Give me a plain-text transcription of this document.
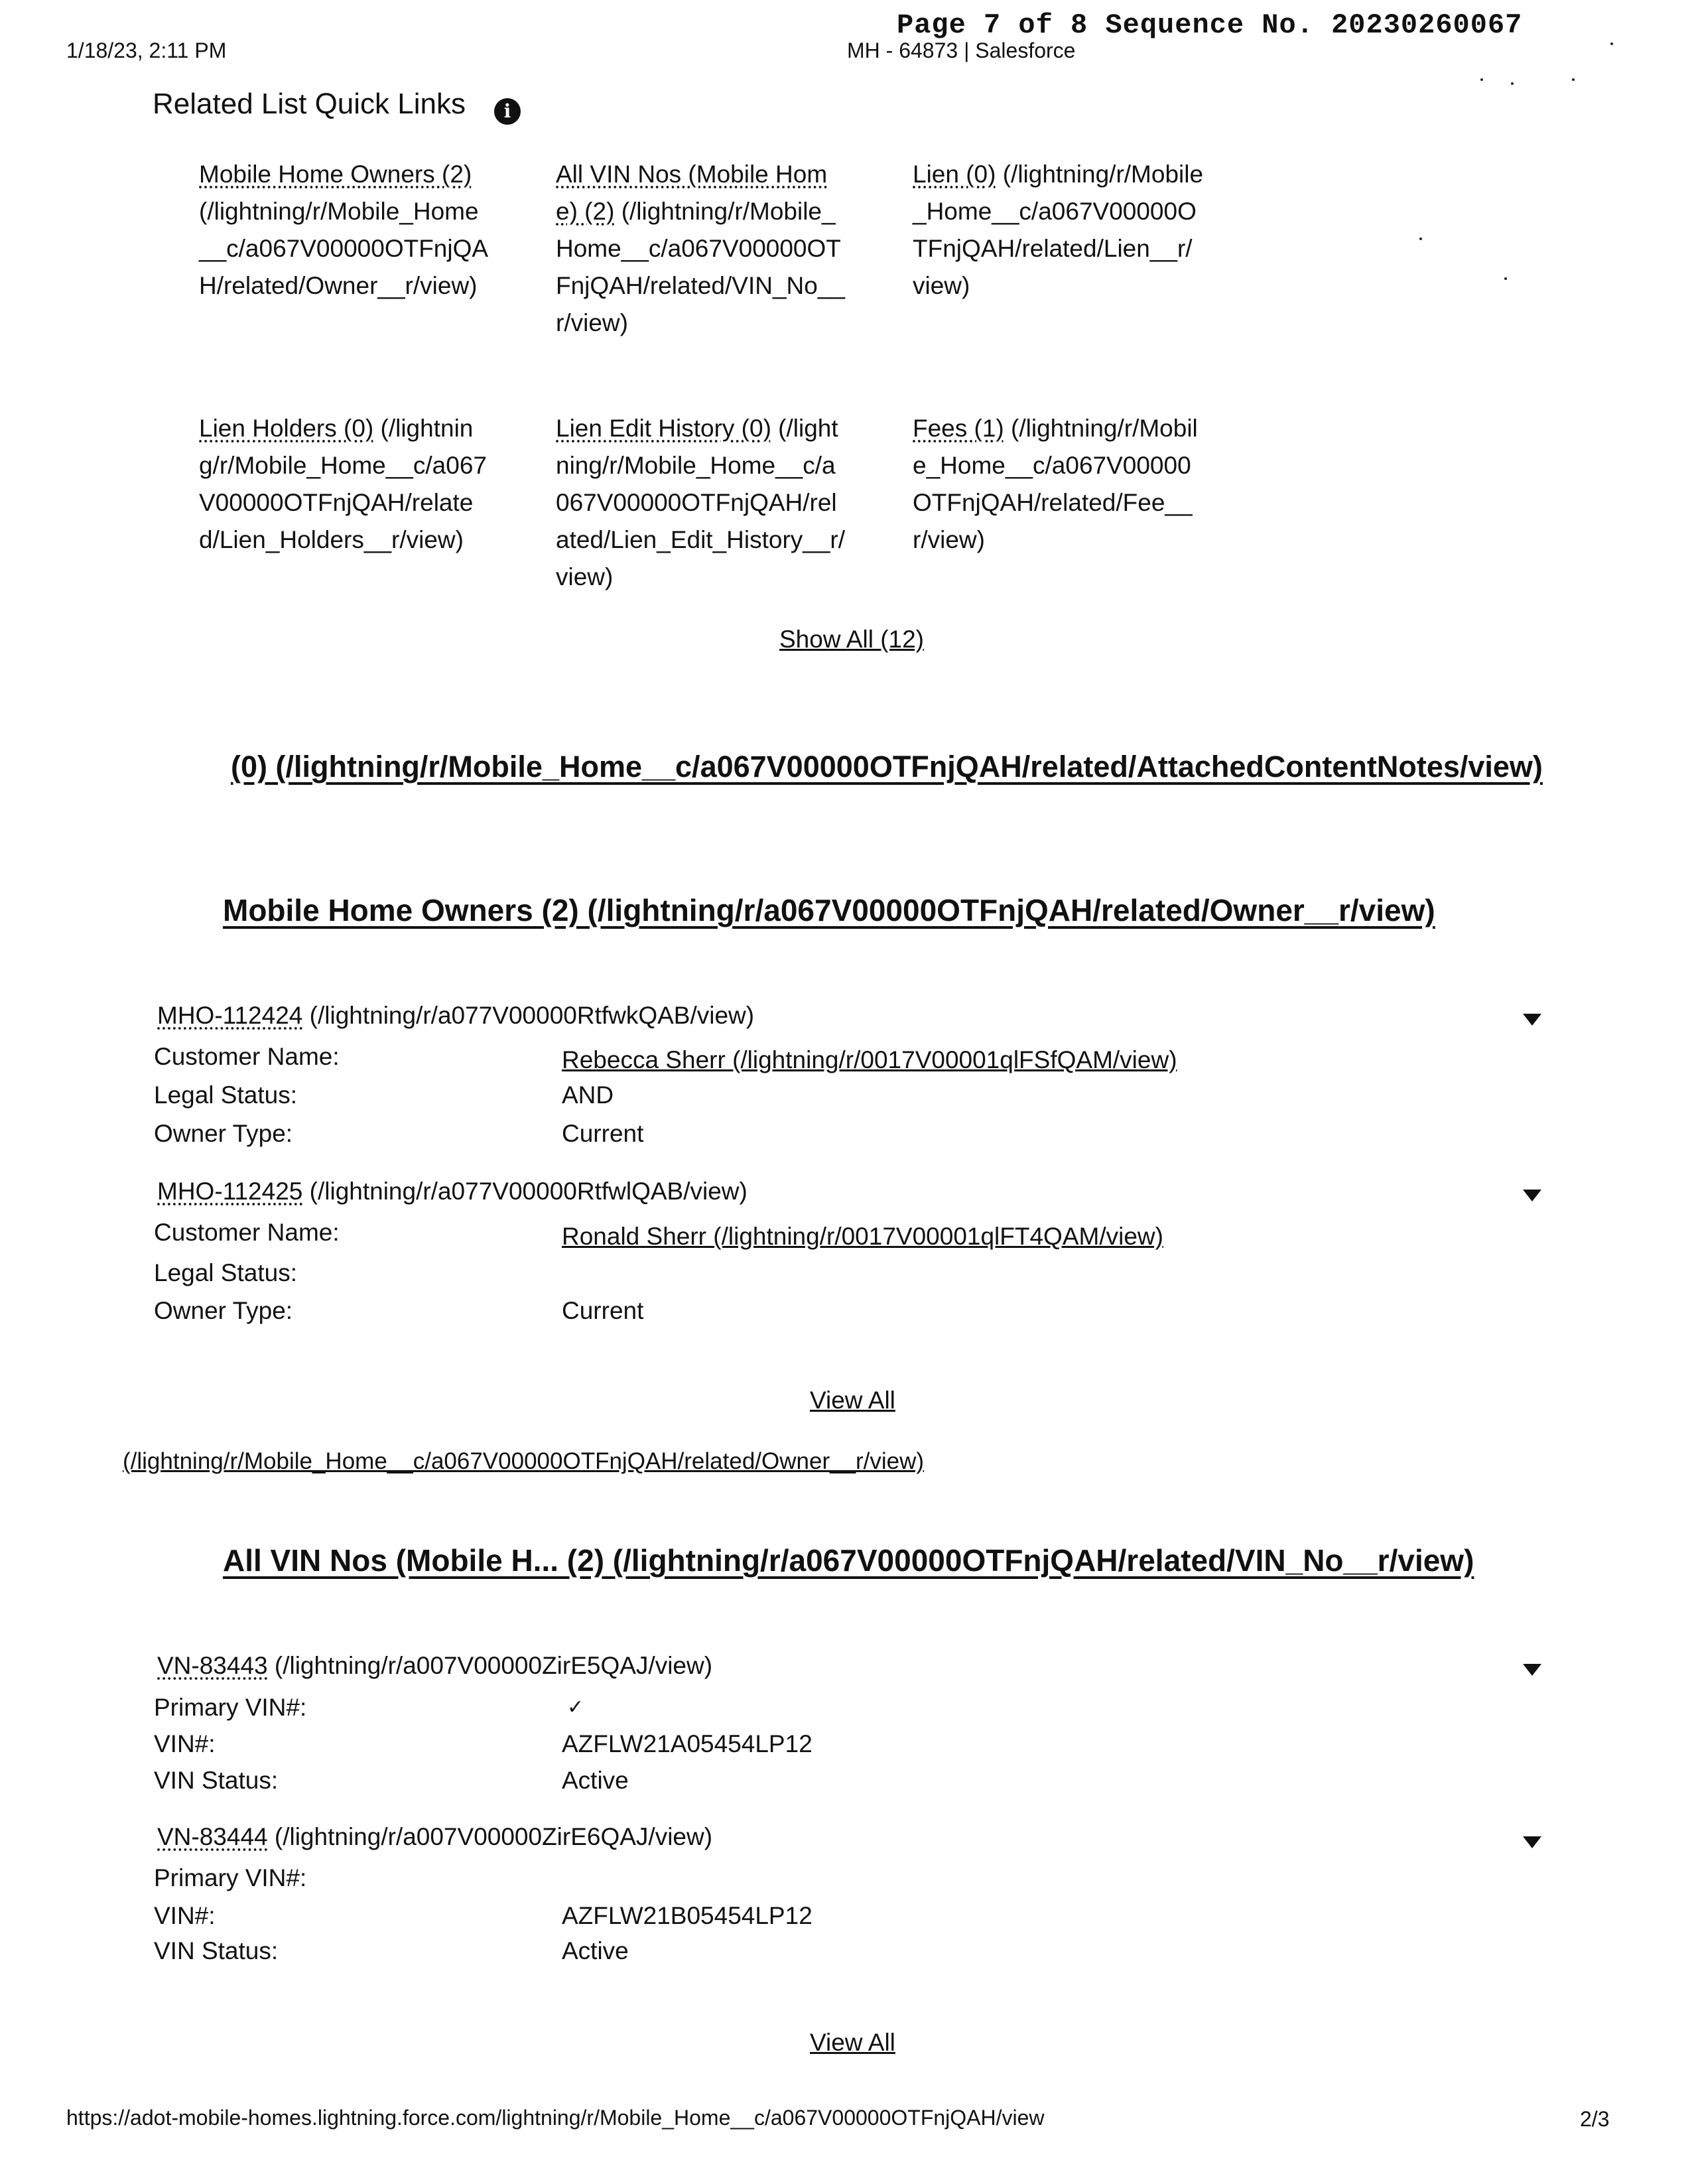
1/18/23, 2:11 PM	MH - 64873 | Salesforce
Page 7 of 8 Sequence No. 20230260067
Related List Quick Links	i
Mobile Home Owners (2) (/lightning/r/Mobile_Home__c/a067V00000OTFnjQAH/related/Owner__r/view)
All VIN Nos (Mobile Home) (2) (/lightning/r/Mobile_Home__c/a067V00000OTFnjQAH/related/VIN_No__r/view)
Lien (0) (/lightning/r/Mobile_Home__c/a067V00000OTFnjQAH/related/Lien__r/view)
Lien Holders (0) (/lightning/r/Mobile_Home__c/a067V00000OTFnjQAH/related/Lien_Holders__r/view)
Lien Edit History (0) (/lightning/r/Mobile_Home__c/a067V00000OTFnjQAH/related/Lien_Edit_History__r/view)
Fees (1) (/lightning/r/Mobile_Home__c/a067V00000OTFnjQAH/related/Fee__r/view)
Show All (12)
(0) (/lightning/r/Mobile_Home__c/a067V00000OTFnjQAH/related/AttachedContentNotes/view)
Mobile Home Owners (2) (/lightning/r/a067V00000OTFnjQAH/related/Owner__r/view)
MHO-112424 (/lightning/r/a077V00000RtfwkQAB/view)
Customer Name:	Rebecca Sherr (/lightning/r/0017V00001qlFSfQAM/view)
Legal Status:	AND
Owner Type:	Current
MHO-112425 (/lightning/r/a077V00000RtfwlQAB/view)
Customer Name:	Ronald Sherr (/lightning/r/0017V00001qlFT4QAM/view)
Legal Status:
Owner Type:	Current
View All
(/lightning/r/Mobile_Home__c/a067V00000OTFnjQAH/related/Owner__r/view)
All VIN Nos (Mobile H... (2) (/lightning/r/a067V00000OTFnjQAH/related/VIN_No__r/view)
VN-83443 (/lightning/r/a007V00000ZirE5QAJ/view)
Primary VIN#:	✓
VIN#:	AZFLW21A05454LP12
VIN Status:	Active
VN-83444 (/lightning/r/a007V00000ZirE6QAJ/view)
Primary VIN#:
VIN#:	AZFLW21B05454LP12
VIN Status:	Active
View All
https://adot-mobile-homes.lightning.force.com/lightning/r/Mobile_Home__c/a067V00000OTFnjQAH/view	2/3
